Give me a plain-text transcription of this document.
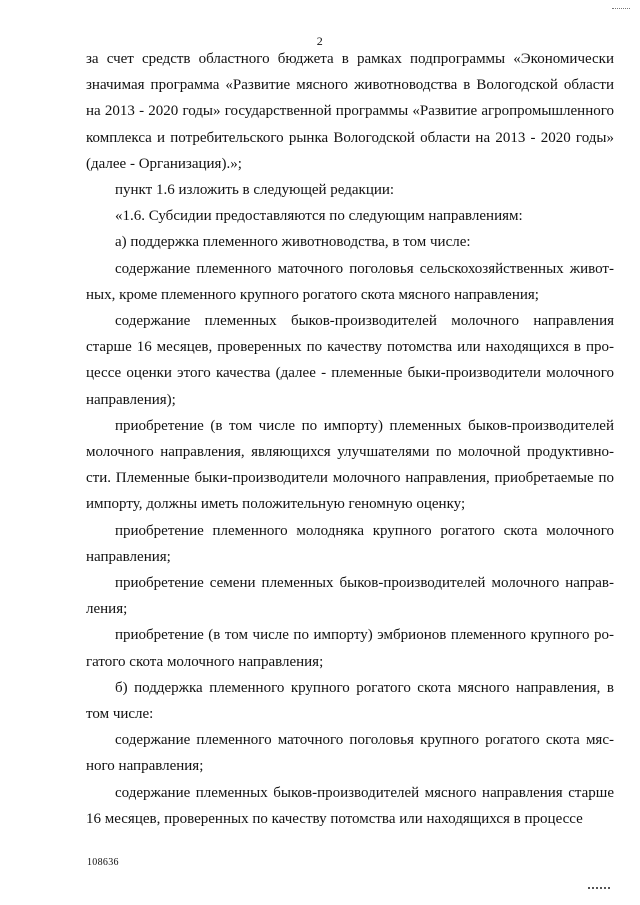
2

за счет средств областного бюджета в рамках подпрограммы «Экономически значимая программа «Развитие мясного животноводства в Вологодской области на 2013 - 2020 годы» государственной программы «Развитие агропромышленного комплекса и потребительского рынка Вологодской области на 2013 - 2020 годы» (далее - Организация).»;

пункт 1.6 изложить в следующей редакции:

«1.6. Субсидии предоставляются по следующим направлениям:

а) поддержка племенного животноводства, в том числе:

содержание племенного маточного поголовья сельскохозяйственных животных, кроме племенного крупного рогатого скота мясного направления;

содержание племенных быков-производителей молочного направления старше 16 месяцев, проверенных по качеству потомства или находящихся в процессе оценки этого качества (далее - племенные быки-производители молочного направления);

приобретение (в том числе по импорту) племенных быков-производителей молочного направления, являющихся улучшателями по молочной продуктивности. Племенные быки-производители молочного направления, приобретаемые по импорту, должны иметь положительную геномную оценку;

приобретение племенного молодняка крупного рогатого скота молочного направления;

приобретение семени племенных быков-производителей молочного направления;

приобретение (в том числе по импорту) эмбрионов племенного крупного рогатого скота молочного направления;

б) поддержка племенного крупного рогатого скота мясного направления, в том числе:

содержание племенного маточного поголовья крупного рогатого скота мясного направления;

содержание племенных быков-производителей мясного направления старше 16 месяцев, проверенных по качеству потомства или находящихся в процессе

108636
